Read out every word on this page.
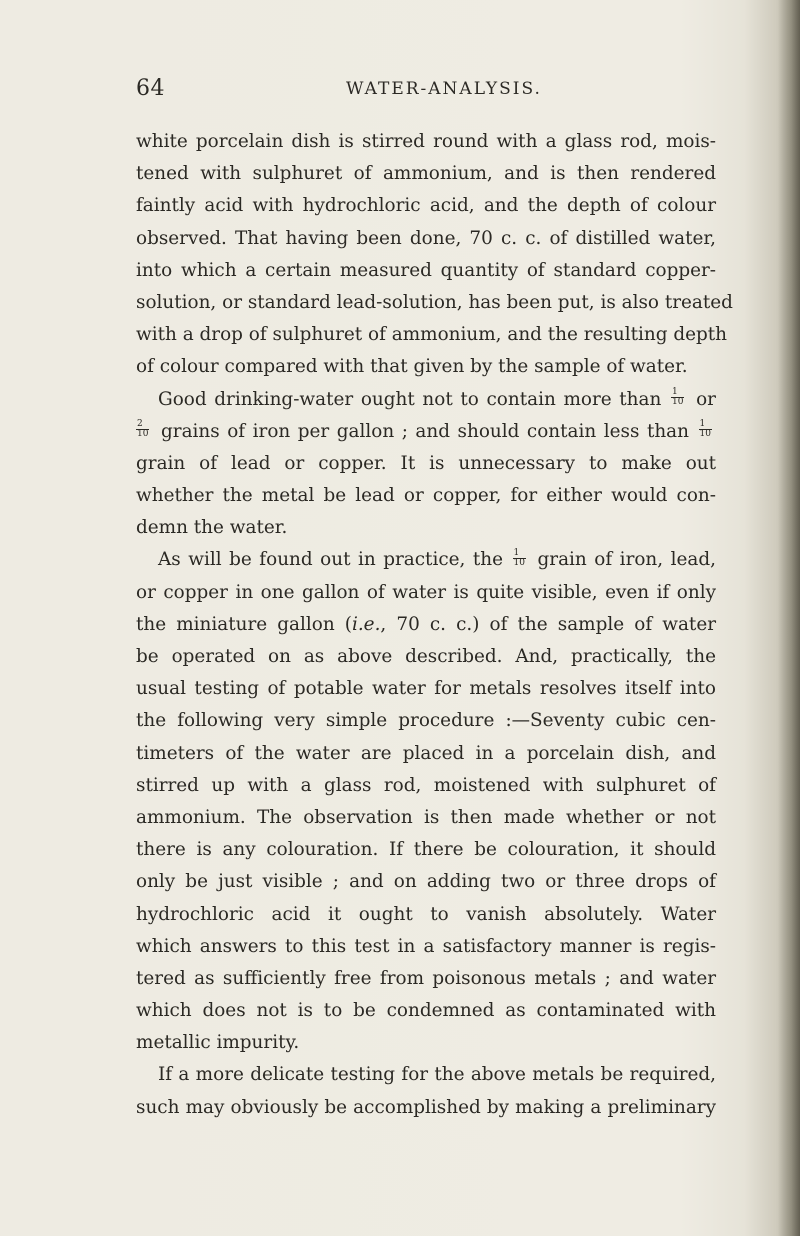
64	WATER-ANALYSIS.
white porcelain dish is stirred round with a glass rod, mois-
tened with sulphuret of ammonium, and is then rendered
faintly acid with hydrochloric acid, and the depth of colour
observed. That having been done, 70 c. c. of distilled water,
into which a certain measured quantity of standard copper-
solution, or standard lead-solution, has been put, is also treated
with a drop of sulphuret of ammonium, and the resulting depth
of colour compared with that given by the sample of water.
Good drinking-water ought not to contain more than $\frac{1}{10}$ or
$\frac{2}{10}$ grains of iron per gallon ; and should contain less than $\frac{1}{10}$
grain of lead or copper. It is unnecessary to make out
whether the metal be lead or copper, for either would con-
demn the water.
As will be found out in practice, the $\frac{1}{10}$ grain of iron, lead,
or copper in one gallon of water is quite visible, even if only
the miniature gallon (i.e., 70 c. c.) of the sample of water
be operated on as above described. And, practically, the
usual testing of potable water for metals resolves itself into
the following very simple procedure :—Seventy cubic cen-
timeters of the water are placed in a porcelain dish, and
stirred up with a glass rod, moistened with sulphuret of
ammonium. The observation is then made whether or not
there is any colouration. If there be colouration, it should
only be just visible ; and on adding two or three drops of
hydrochloric acid it ought to vanish absolutely. Water
which answers to this test in a satisfactory manner is regis-
tered as sufficiently free from poisonous metals ; and water
which does not is to be condemned as contaminated with
metallic impurity.
If a more delicate testing for the above metals be required,
such may obviously be accomplished by making a preliminary
